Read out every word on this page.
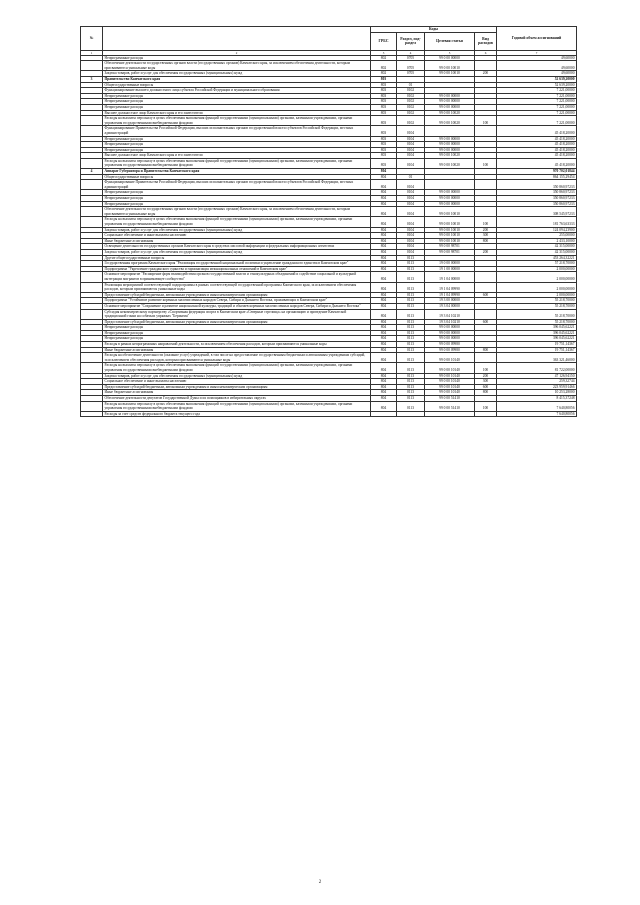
№		Коды				Годовой объем ассигнований
		ГРБС	Раздел, под-раздел	Целевая статья	Вид расходов	
1	2	3	4	5	6	7
	Непрограммные расходы	802	0705	99 0 00 00000		49,60000
	Обеспечение деятельности государственных органов власти (государственных органов) Камчатского края, за исключением обеспечения деятельности, которым присваиваются уникальные коды	802	0705	99 0 00 10010		49,60000
	Закупка товаров, работ и услуг для обеспечения государственных (муниципальных) нужд	802	0705	99 0 00 10010	200	49,60000
3	Правительство Камчатского края	803				52 639,20000
	Общегосударственные вопросы	803	01			52 639,20000
	Функционирование высшего должностного лица субъекта Российской Федерации и муниципального образования	803	0102			7 221,00000
	Непрограммные расходы	803	0102	99 0 00 00000		7 221,00000
	Непрограммные расходы	803	0102	99 0 00 00000		7 221,00000
	Непрограммные расходы	803	0102	99 0 00 00000		7 221,00000
	Высшее должностное лицо Камчатского края и его заместители	803	0102	99 0 00 10020		7 221,00000
	Расходы на выплаты персоналу в целях обеспечения выполнения функций государственными (муниципальными) органами, казенными учреждениями, органами управления государственными внебюджетными фондами	803	0102	99 0 00 10020	100	7 221,00000
	Функционирование Правительства Российской Федерации, высших исполнительных органов государственной власти субъектов Российской Федерации, местных администраций	803	0104			45 418,20000
	Непрограммные расходы	803	0104	99 0 00 00000		45 418,20000
	Непрограммные расходы	803	0104	99 0 00 00000		45 418,20000
	Непрограммные расходы	803	0104	99 0 00 00000		45 418,20000
	Высшее должностное лицо Камчатского края и его заместители	803	0104	99 0 00 10020		45 418,20000
	Расходы на выплаты персоналу в целях обеспечения выполнения функций государственными (муниципальными) органами, казенными учреждениями, органами управления государственными внебюджетными фондами	803	0104	99 0 00 10020	100	45 418,20000
4	Аппарат Губернатора и Правительства Камчатского края	804				970 702,01844
	Общегосударственные вопросы	804	01			864 155,29454
	Функционирование Правительства Российской Федерации, высших исполнительных органов государственной власти субъектов Российской Федерации, местных администраций	804	0104			350 860,97233
	Непрограммные расходы	804	0104	99 0 00 00000		350 860,97233
	Непрограммные расходы	804	0104	99 0 00 00000		350 860,97233
	Непрограммные расходы	804	0104	99 0 00 00000		350 860,97233
	Обеспечение деятельности государственных органов власти (государственных органов) Камчатского края, за исключением обеспечения деятельности, которым присваиваются уникальные коды	804	0104	99 0 00 10010		308 545,97233
	Расходы на выплаты персоналу в целях обеспечения выполнения функций государственными (муниципальными) органами, казенными учреждениями, органами управления государственными внебюджетными фондами	804	0104	99 0 00 10010	100	181 763,63333
	Закупка товаров, работ и услуг для обеспечения государственных (муниципальных) нужд	804	0104	99 0 00 10010	200	124 094,23900
	Социальное обеспечение и иные выплаты населению	804	0104	99 0 00 10010	300	255,00000
	Иные бюджетные ассигнования	804	0104	99 0 00 10010	800	2 433,10000
	Освещение деятельности государственных органов Камчатского края в средствах массовой информации и федеральных информационных агентствах	804	0104	99 0 00 98701		42 315,00000
	Закупка товаров, работ и услуг для обеспечения государственных (муниципальных) нужд	804	0104	99 0 00 98701	200	42 315,00000
	Другие общегосударственные вопросы	804	0113			453 264,32221
	Государственная программа Камчатского края "Реализация государственной национальной политики и укрепление гражданского единства в Камчатском крае"	804	0113	19 0 00 00000		57 218,70000
	Подпрограмма "Укрепление гражданского единства и гармонизация межнациональных отношений в Камчатском крае"	804	0113	19 1 00 00000		2 000,00000
	Основное мероприятие "Расширение форм взаимодействия органов государственной власти и этнокультурных объединений и содействие социальной и культурной интеграции мигрантов в принимающее сообщество"	804	0113	19 1 04 00000		2 000,00000
	Реализация мероприятий соответствующей подпрограммы в рамках соответствующей государственной программы Камчатского края, за исключением обеспечения расходов, которым присваиваются уникальные коды	804	0113	19 1 04 09990		2 000,00000
	Предоставление субсидий бюджетным, автономным учреждениям и иным некоммерческим организациям	804	0113	19 1 04 09990	600	2 000,00000
	Подпрограмма "Устойчивое развитие коренных малочисленных народов Севера, Сибири и Дальнего Востока, проживающих в Камчатском крае"	804	0113	19 3 00 00000		55 218,70000
	Основное мероприятие "Сохранение и развитие национальной культуры, традиций и обычаев коренных малочисленных народов Севера, Сибири и Дальнего Востока"	804	0113	19 3 04 00000		55 218,70000
	Субсидия некоммерческому партнерству «Спортивная федерация спорта в Камчатском крае «Северные стрелища» на организацию и проведение Камчатской традиционной гонки на собачьих упряжках "Берингия"	804	0113	19 3 04 10210		55 218,70000
	Предоставление субсидий бюджетным, автономным учреждениям и иным некоммерческим организациям	804	0113	19 3 04 10210	600	55 218,70000
	Непрограммные расходы	804	0113	99 0 00 00000		396 045,62221
	Непрограммные расходы	804	0113	99 0 00 00000		396 045,62221
	Непрограммные расходы	804	0113	99 0 00 00000		396 045,62221
	Расходы в рамках непрограммных направлений деятельности, за исключением обеспечения расходов, которым присваиваются уникальные коды	804	0113	99 0 00 09980		19 751,14367
	Иные бюджетные ассигнования	804	0113	99 0 00 09980	800	19 751,14367
	Расходы на обеспечение деятельности (оказание услуг) учреждений, в том числе на предоставление государственным бюджетным и автономным учреждениям субсидий, за исключением обеспечения расходов, которым присваиваются уникальные коды	804	0113	99 0 00 10140		363 321,46000
	Расходы на выплаты персоналу в целях обеспечения выполнения функций государственными (муниципальными) органами, казенными учреждениями, органами управления государственными внебюджетными фондами	804	0113	99 0 00 10140	100	81 722,00000
	Закупка товаров, работ и услуг для обеспечения государственных (муниципальных) нужд	804	0113	99 0 00 10140	200	47 126,94150
	Социальное обеспечение и иные выплаты населению	804	0113	99 0 00 10140	300	259,32744
	Предоставление субсидий бюджетным, автономным учреждениям и иным некоммерческим организациям	804	0113	99 0 00 10140	600	223 959,91466
	Иные бюджетные ассигнования	804	0113	99 0 00 10140	800	10 253,28000
	Обеспечение деятельности депутатов Государственной Думы и их помощников в избирательных округах	804	0113	99 0 00 51410		8 415,37248
	Расходы на выплаты персоналу в целях обеспечения выполнения функций государственными (муниципальными) органами, казенными учреждениями, органами управления государственными внебюджетными фондами	804	0113	99 0 00 51410	100	7 640,80056
	Расходы за счет средств федерального бюджета текущего года					7 640,80056
2
